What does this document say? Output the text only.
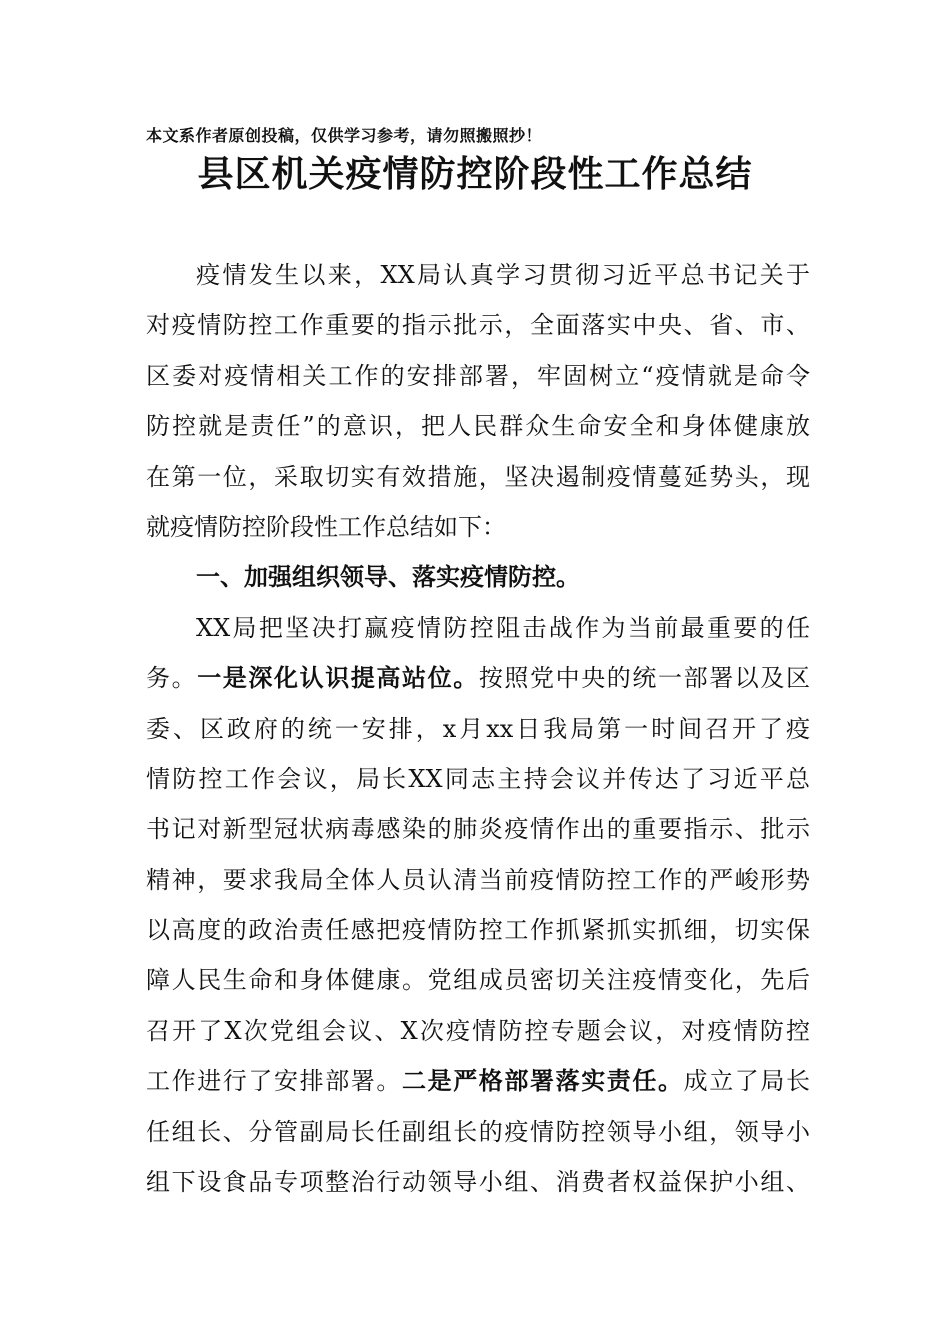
本文系作者原创投稿，仅供学习参考，请勿照搬照抄！
县区机关疫情防控阶段性工作总结
疫情发生以来，XX局认真学习贯彻习近平总书记关于
对疫情防控工作重要的指示批示，全面落实中央、省、市、
区委对疫情相关工作的安排部署，牢固树立“疫情就是命令
防控就是责任”的意识，把人民群众生命安全和身体健康放
在第一位，采取切实有效措施，坚决遏制疫情蔓延势头，现
就疫情防控阶段性工作总结如下：
一、加强组织领导、落实疫情防控。
XX局把坚决打赢疫情防控阻击战作为当前最重要的任
务。一是深化认识提高站位。按照党中央的统一部署以及区
委、区政府的统一安排，x月xx日我局第一时间召开了疫
情防控工作会议，局长XX同志主持会议并传达了习近平总
书记对新型冠状病毒感染的肺炎疫情作出的重要指示、批示
精神，要求我局全体人员认清当前疫情防控工作的严峻形势
以高度的政治责任感把疫情防控工作抓紧抓实抓细，切实保
障人民生命和身体健康。党组成员密切关注疫情变化，先后
召开了X次党组会议、X次疫情防控专题会议，对疫情防控
工作进行了安排部署。二是严格部署落实责任。成立了局长
任组长、分管副局长任副组长的疫情防控领导小组，领导小
组下设食品专项整治行动领导小组、消费者权益保护小组、
